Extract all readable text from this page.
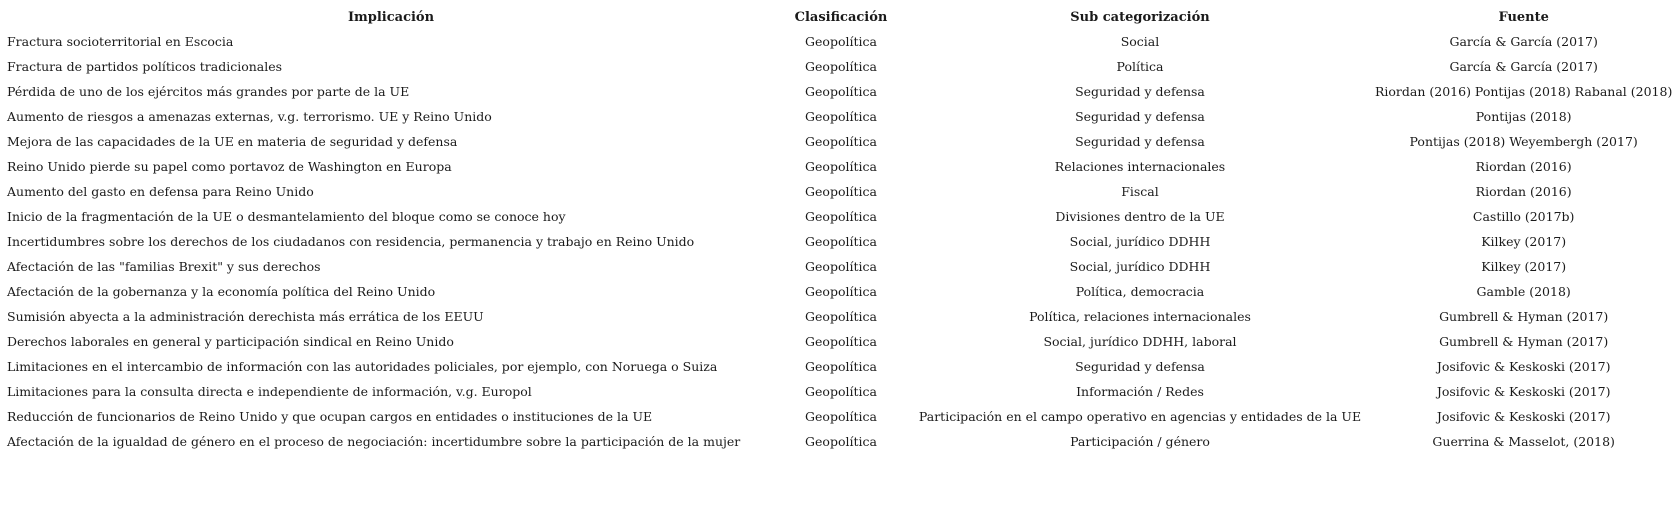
Implicación	Clasificación	Sub categorización	Fuente
Fractura socioterritorial en Escocia	Geopolítica	Social	García & García (2017)
Fractura de partidos políticos tradicionales	Geopolítica	Política	García & García (2017)
Pérdida de uno de los ejércitos más grandes por parte de la UE	Geopolítica	Seguridad y defensa	Riordan (2016) Pontijas (2018) Rabanal (2018)
Aumento de riesgos a amenazas externas, v.g. terrorismo. UE y Reino Unido	Geopolítica	Seguridad y defensa	Pontijas (2018)
Mejora de las capacidades de la UE en materia de seguridad y defensa	Geopolítica	Seguridad y defensa	Pontijas (2018) Weyembergh (2017)
Reino Unido pierde su papel como portavoz de Washington en Europa	Geopolítica	Relaciones internacionales	Riordan (2016)
Aumento del gasto en defensa para Reino Unido	Geopolítica	Fiscal	Riordan (2016)
Inicio de la fragmentación de la UE o desmantelamiento del bloque como se conoce hoy	Geopolítica	Divisiones dentro de la UE	Castillo (2017b)
Incertidumbres sobre los derechos de los ciudadanos con residencia, permanencia y trabajo en Reino Unido	Geopolítica	Social, jurídico DDHH	Kilkey (2017)
Afectación de las "familias Brexit" y sus derechos	Geopolítica	Social, jurídico DDHH	Kilkey (2017)
Afectación de la gobernanza y la economía política del Reino Unido	Geopolítica	Política, democracia	Gamble (2018)
Sumisión abyecta a la administración derechista más errática de los EEUU	Geopolítica	Política, relaciones internacionales	Gumbrell & Hyman (2017)
Derechos laborales en general y participación sindical en Reino Unido	Geopolítica	Social, jurídico DDHH, laboral	Gumbrell & Hyman (2017)
Limitaciones en el intercambio de información con las autoridades policiales, por ejemplo, con Noruega o Suiza	Geopolítica	Seguridad y defensa	Josifovic & Keskoski (2017)
Limitaciones para la consulta directa e independiente de información, v.g. Europol	Geopolítica	Información / Redes	Josifovic & Keskoski (2017)
Reducción de funcionarios de Reino Unido y que ocupan cargos en entidades o instituciones de la UE	Geopolítica	Participación en el campo operativo en agencias y entidades de la UE	Josifovic & Keskoski (2017)
Afectación de la igualdad de género en el proceso de negociación: incertidumbre sobre la participación de la mujer	Geopolítica	Participación / género	Guerrina & Masselot, (2018)
